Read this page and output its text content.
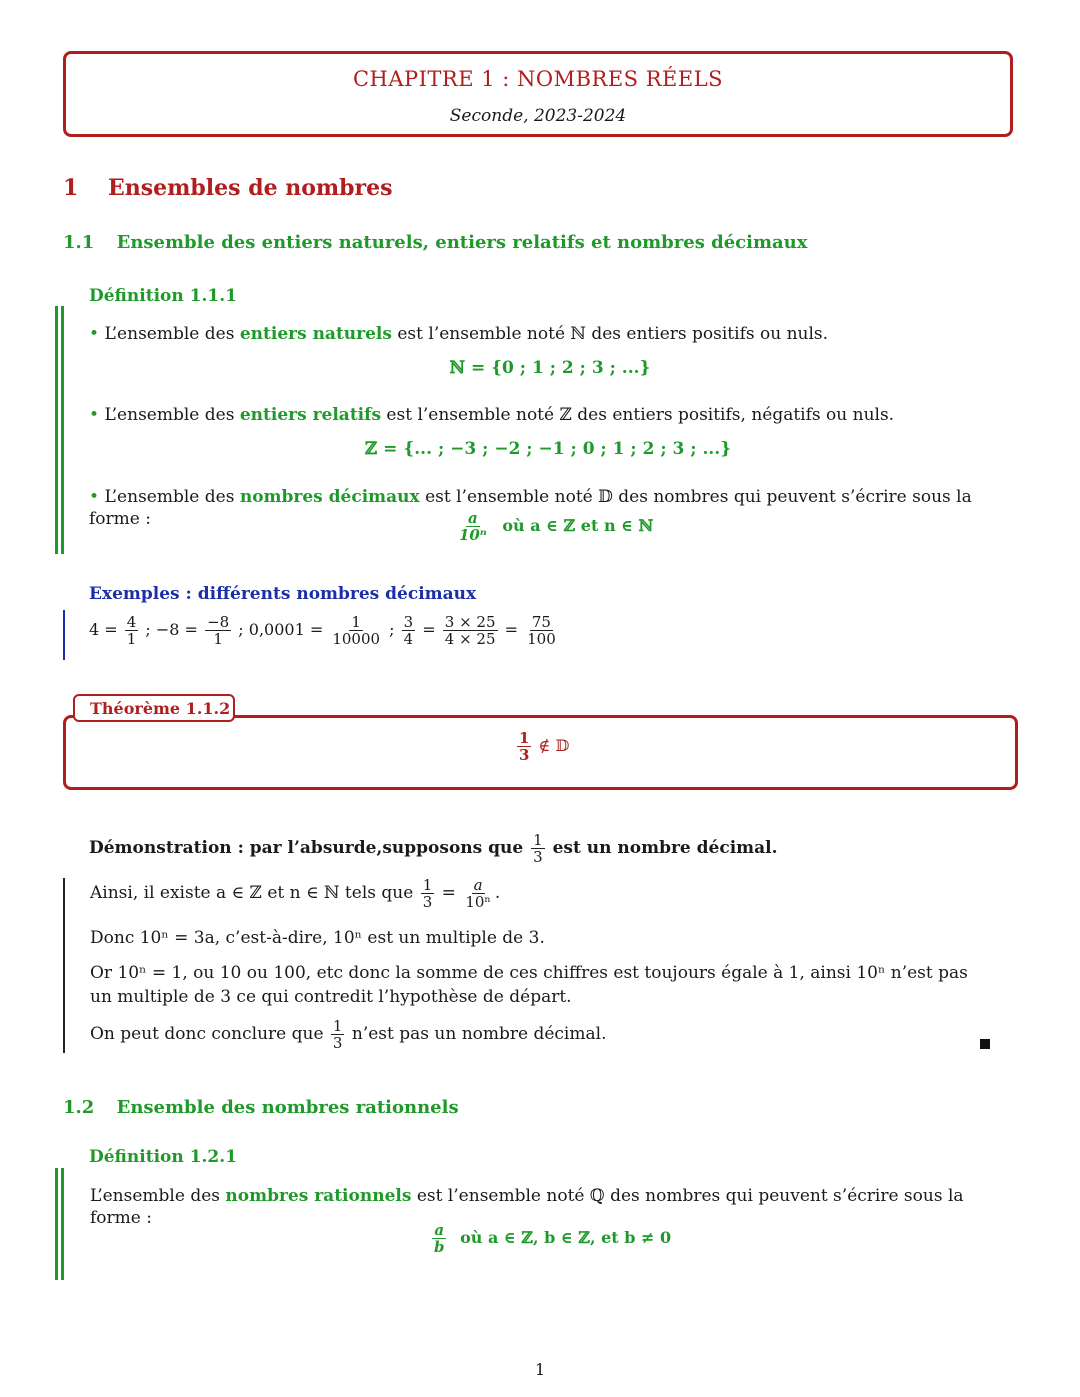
CHAPITRE 1 : NOMBRES RÉELS
Seconde, 2023-2024
1 Ensembles de nombres
1.1 Ensemble des entiers naturels, entiers relatifs et nombres décimaux
Définition 1.1.1
• L’ensemble des entiers naturels est l’ensemble noté ℕ des entiers positifs ou nuls.
ℕ = {0 ; 1 ; 2 ; 3 ; ...}
• L’ensemble des entiers relatifs est l’ensemble noté ℤ des entiers positifs, négatifs ou nuls.
ℤ = {... ; −3 ; −2 ; −1 ; 0 ; 1 ; 2 ; 3 ; ...}
• L’ensemble des nombres décimaux est l’ensemble noté 𝔻 des nombres qui peuvent s’écrire sous la forme :	$\frac{a}{\text{10ⁿ}}$ où a ∈ ℤ et n ∈ ℕ
Exemples : différents nombres décimaux
$4 = \frac{4}{1}$ ; $-8 = \frac{-8}{1}$ ; $0,0001 = \frac{1}{10000}$ ; $\frac{3}{4} = \frac{3 \times 25}{4 \times 25} = \frac{75}{100}$
Théorème 1.1.2
$\frac{1}{3}$ ∉ 𝔻
Démonstration : par l’absurde,supposons que $\frac{1}{3}$ est un nombre décimal.
Ainsi, il existe a ∈ ℤ et n ∈ ℕ tels que $\frac{1}{3} = \frac{a}{\text{10ⁿ}}$ .
Donc 10ⁿ = 3a, c’est-à-dire, 10ⁿ est un multiple de 3.
Or 10ⁿ = 1, ou 10 ou 100, etc donc la somme de ces chiffres est toujours égale à 1, ainsi 10ⁿ n’est pas un multiple de 3 ce qui contredit l’hypothèse de départ.
On peut donc conclure que $\frac{1}{3}$ n’est pas un nombre décimal.
1.2 Ensemble des nombres rationnels
Définition 1.2.1
L’ensemble des nombres rationnels est l’ensemble noté ℚ des nombres qui peuvent s’écrire sous la forme :
$\frac{a}{b}$ où a ∈ ℤ, b ∈ ℤ, et b ≠ 0
1
